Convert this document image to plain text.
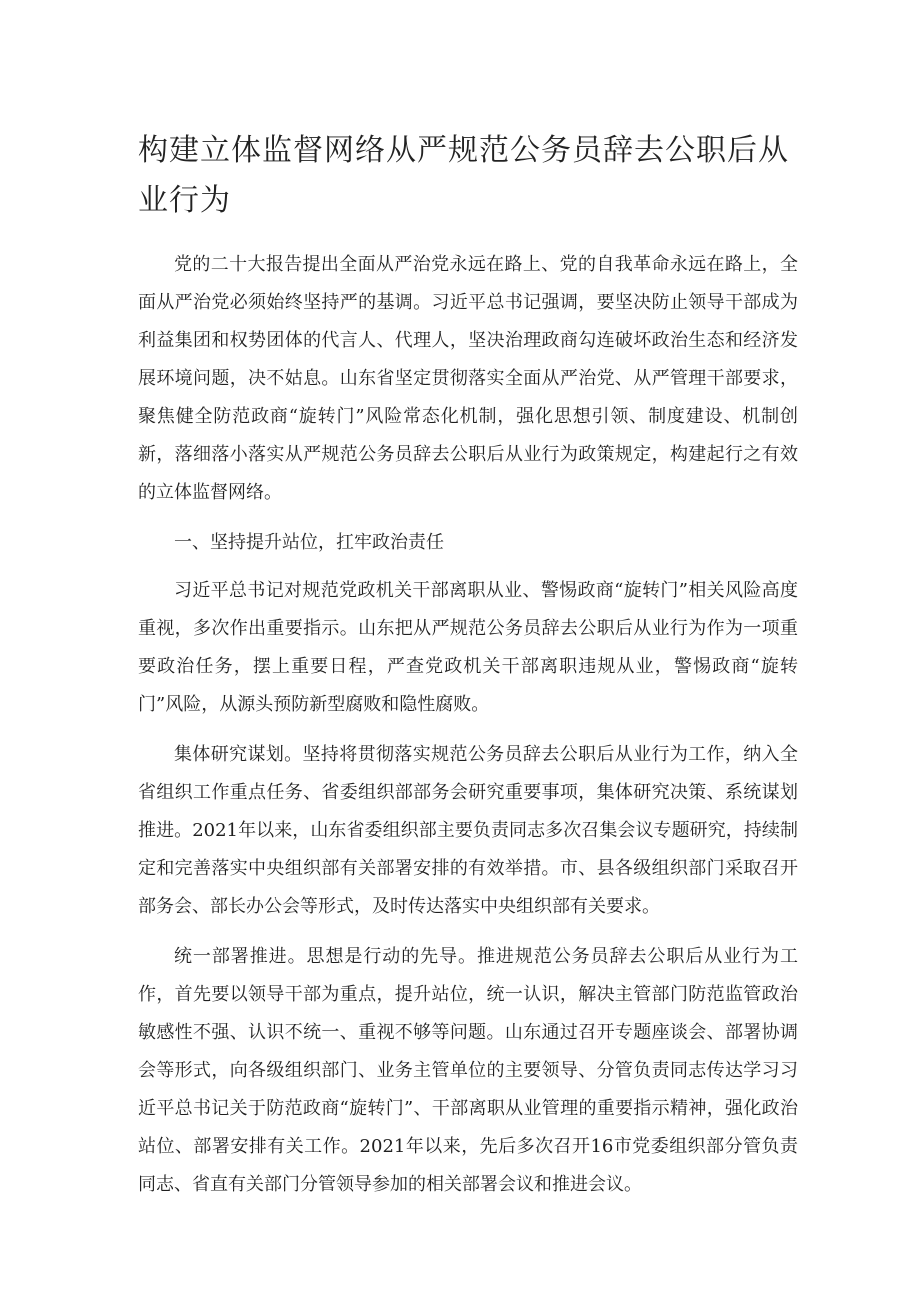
构建立体监督网络从严规范公务员辞去公职后从业行为

党的二十大报告提出全面从严治党永远在路上、党的自我革命永远在路上，全面从严治党必须始终坚持严的基调。习近平总书记强调，要坚决防止领导干部成为利益集团和权势团体的代言人、代理人，坚决治理政商勾连破坏政治生态和经济发展环境问题，决不姑息。山东省坚定贯彻落实全面从严治党、从严管理干部要求，聚焦健全防范政商“旋转门”风险常态化机制，强化思想引领、制度建设、机制创新，落细落小落实从严规范公务员辞去公职后从业行为政策规定，构建起行之有效的立体监督网络。

一、坚持提升站位，扛牢政治责任

习近平总书记对规范党政机关干部离职从业、警惕政商“旋转门”相关风险高度重视，多次作出重要指示。山东把从严规范公务员辞去公职后从业行为作为一项重要政治任务，摆上重要日程，严查党政机关干部离职违规从业，警惕政商“旋转门”风险，从源头预防新型腐败和隐性腐败。

集体研究谋划。坚持将贯彻落实规范公务员辞去公职后从业行为工作，纳入全省组织工作重点任务、省委组织部部务会研究重要事项，集体研究决策、系统谋划推进。2021年以来，山东省委组织部主要负责同志多次召集会议专题研究，持续制定和完善落实中央组织部有关部署安排的有效举措。市、县各级组织部门采取召开部务会、部长办公会等形式，及时传达落实中央组织部有关要求。

统一部署推进。思想是行动的先导。推进规范公务员辞去公职后从业行为工作，首先要以领导干部为重点，提升站位，统一认识，解决主管部门防范监管政治敏感性不强、认识不统一、重视不够等问题。山东通过召开专题座谈会、部署协调会等形式，向各级组织部门、业务主管单位的主要领导、分管负责同志传达学习习近平总书记关于防范政商“旋转门”、干部离职从业管理的重要指示精神，强化政治站位、部署安排有关工作。2021年以来，先后多次召开16市党委组织部分管负责同志、省直有关部门分管领导参加的相关部署会议和推进会议。
